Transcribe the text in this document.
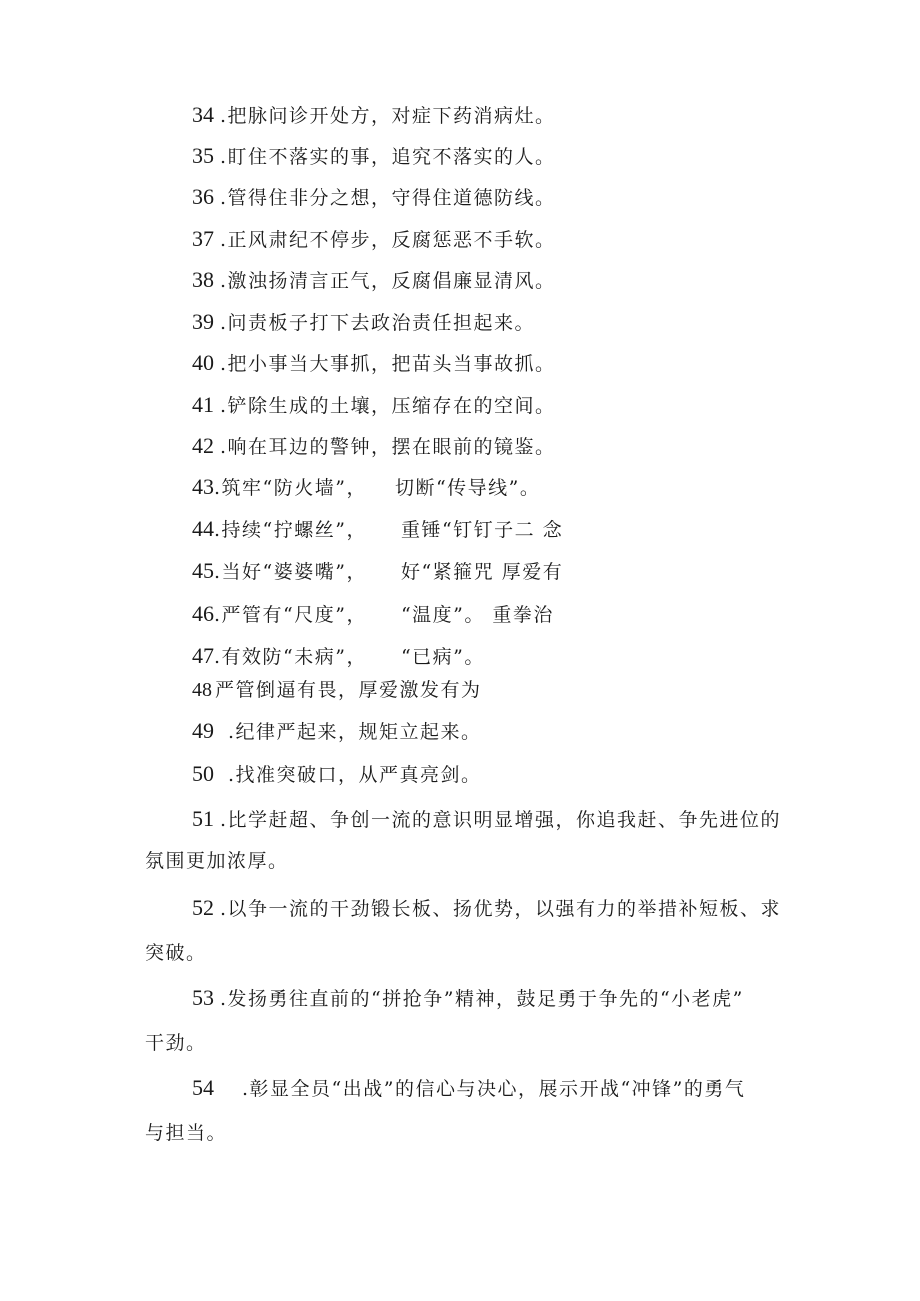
34 .把脉问诊开处方，对症下药消病灶。
35 .盯住不落实的事，追究不落实的人。
36 .管得住非分之想，守得住道德防线。
37 .正风肃纪不停步，反腐惩恶不手软。
38 .激浊扬清言正气，反腐倡廉显清风。
39 .问责板子打下去政治责任担起来。
40 .把小事当大事抓，把苗头当事故抓。
41 .铲除生成的土壤，压缩存在的空间。
42 .响在耳边的警钟，摆在眼前的镜鉴。
43.筑牢“防火墙”， 切断“传导线”。
44.持续“拧螺丝”， 重锤“钉钉子二 念
45.当好“婆婆嘴”， 好“紧箍咒 厚爱有
46.严管有“尺度”， “温度”。 重拳治
47.有效防“未病”， “已病”。
48 严管倒逼有畏，厚爱激发有为
49 .纪律严起来，规矩立起来。
50 .找准突破口，从严真亮剑。
51 .比学赶超、争创一流的意识明显增强，你追我赶、争先进位的
氛围更加浓厚。
52 .以争一流的干劲锻长板、扬优势，以强有力的举措补短板、求
突破。
53 .发扬勇往直前的“拼抢争”精神，鼓足勇于争先的“小老虎”
干劲。
54 .彰显全员“出战”的信心与决心，展示开战“冲锋”的勇气
与担当。
